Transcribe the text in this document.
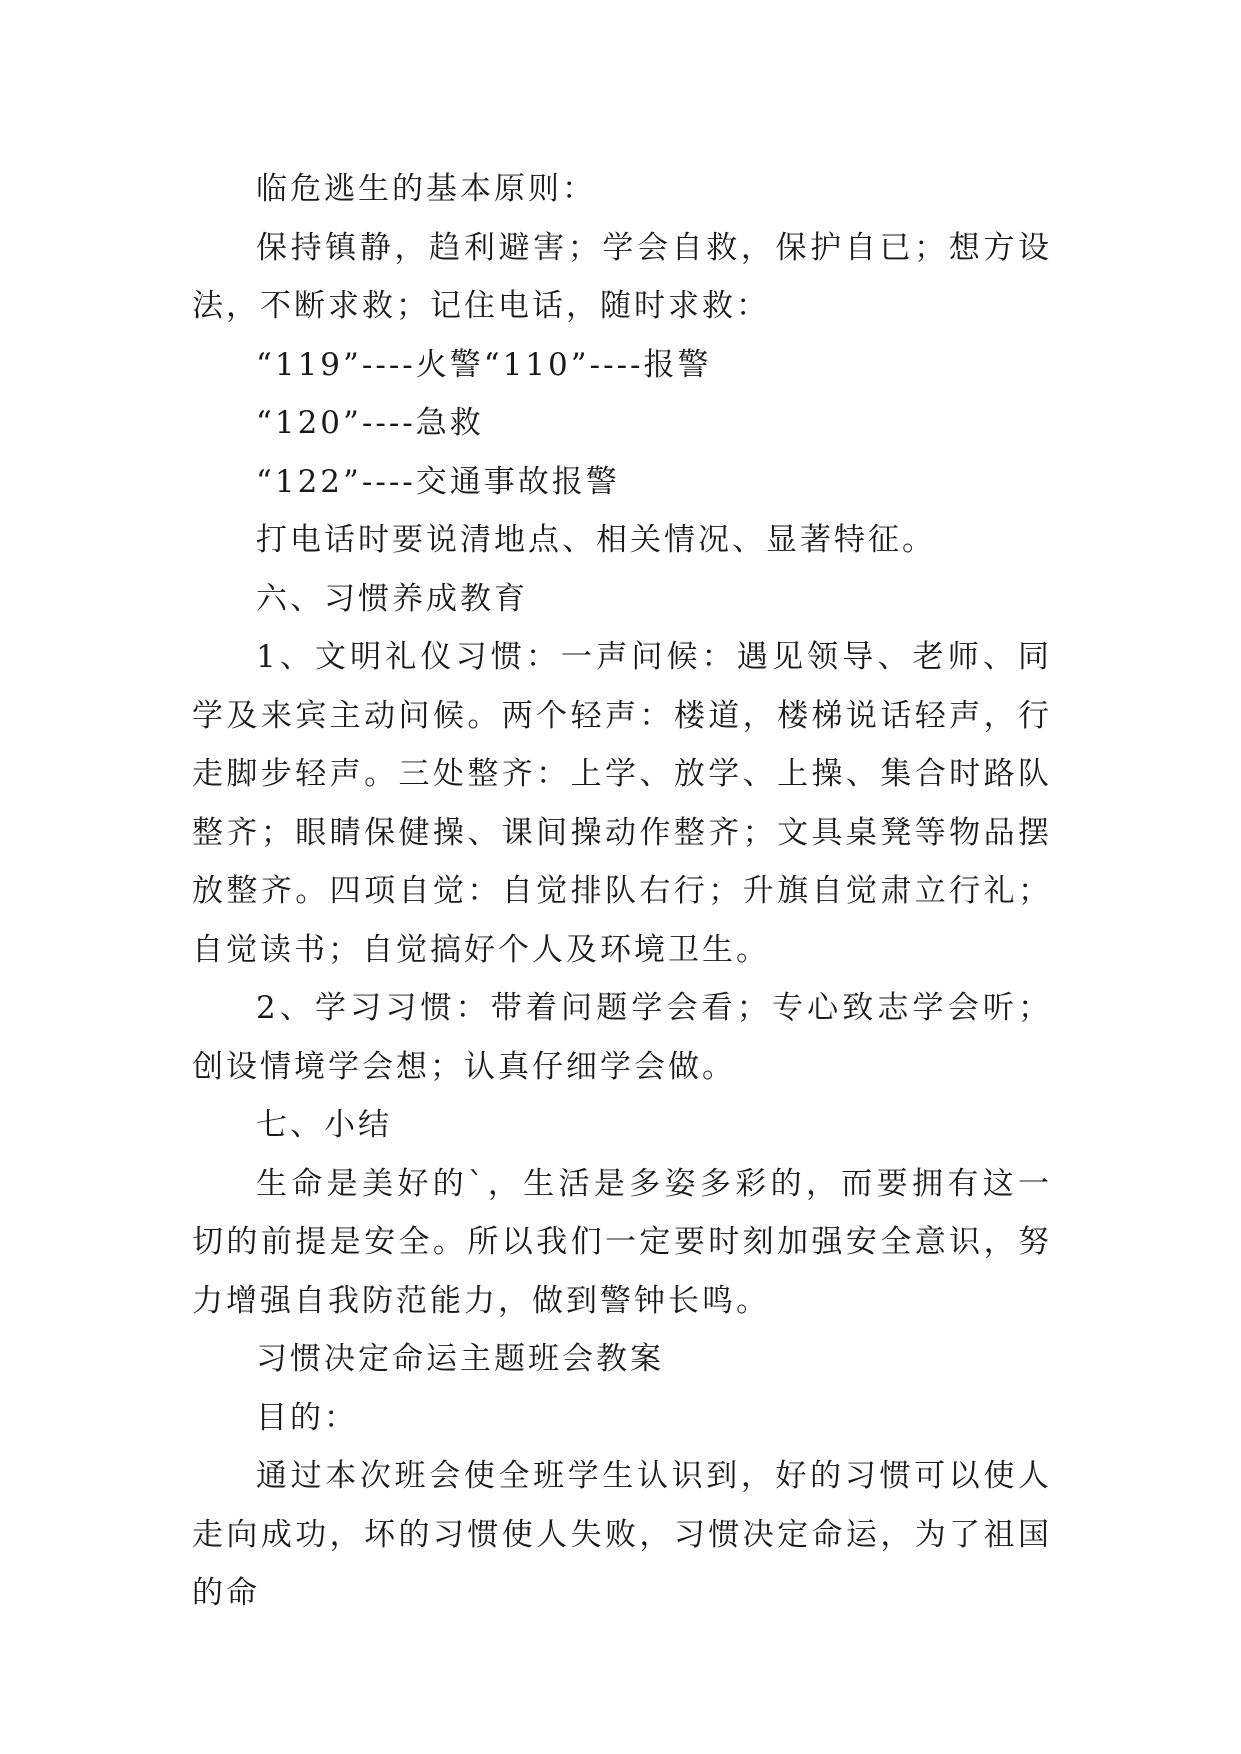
临危逃生的基本原则：

保持镇静，趋利避害；学会自救，保护自已；想方设法，不断求救；记住电话，随时求救：

“119”----火警“110”----报警

“120”----急救

“122”----交通事故报警

打电话时要说清地点、相关情况、显著特征。

六、习惯养成教育

1、文明礼仪习惯：一声问候：遇见领导、老师、同学及来宾主动问候。两个轻声：楼道，楼梯说话轻声，行走脚步轻声。三处整齐：上学、放学、上操、集合时路队整齐；眼睛保健操、课间操动作整齐；文具桌凳等物品摆放整齐。四项自觉：自觉排队右行；升旗自觉肃立行礼；自觉读书；自觉搞好个人及环境卫生。

2、学习习惯：带着问题学会看；专心致志学会听；创设情境学会想；认真仔细学会做。

七、小结

生命是美好的`，生活是多姿多彩的，而要拥有这一切的前提是安全。所以我们一定要时刻加强安全意识，努力增强自我防范能力，做到警钟长鸣。

习惯决定命运主题班会教案

目的：

通过本次班会使全班学生认识到，好的习惯可以使人走向成功，坏的习惯使人失败，习惯决定命运，为了祖国的命
